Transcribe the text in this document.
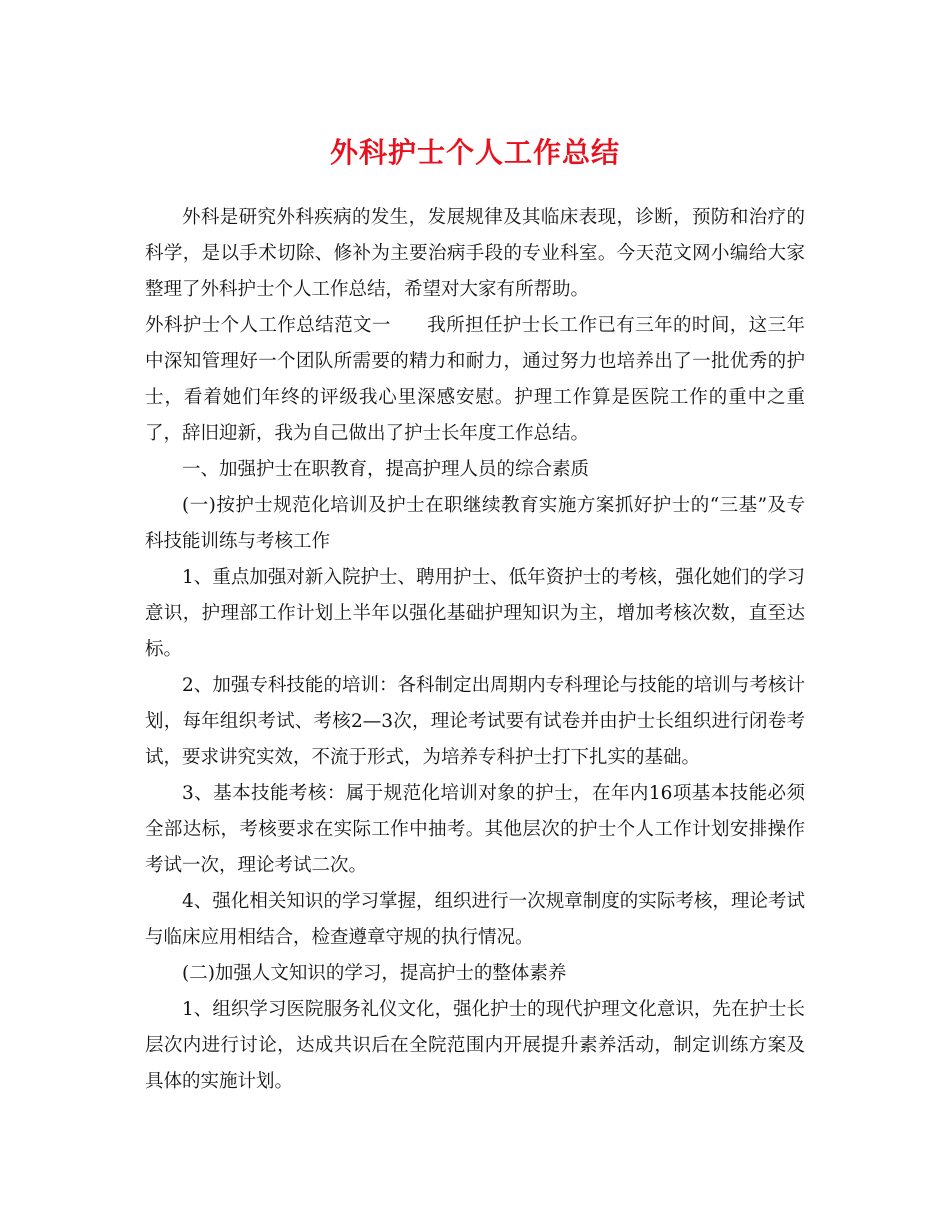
外科护士个人工作总结

外科是研究外科疾病的发生，发展规律及其临床表现，诊断，预防和治疗的科学，是以手术切除、修补为主要治病手段的专业科室。今天范文网小编给大家整理了外科护士个人工作总结，希望对大家有所帮助。

外科护士个人工作总结范文一 我所担任护士长工作已有三年的时间，这三年中深知管理好一个团队所需要的精力和耐力，通过努力也培养出了一批优秀的护士，看着她们年终的评级我心里深感安慰。护理工作算是医院工作的重中之重了，辞旧迎新，我为自己做出了护士长年度工作总结。

一、加强护士在职教育，提高护理人员的综合素质

(一)按护士规范化培训及护士在职继续教育实施方案抓好护士的“三基”及专科技能训练与考核工作

1、重点加强对新入院护士、聘用护士、低年资护士的考核，强化她们的学习意识，护理部工作计划上半年以强化基础护理知识为主，增加考核次数，直至达标。

2、加强专科技能的培训：各科制定出周期内专科理论与技能的培训与考核计划，每年组织考试、考核2—3次，理论考试要有试卷并由护士长组织进行闭卷考试，要求讲究实效，不流于形式，为培养专科护士打下扎实的基础。

3、基本技能考核：属于规范化培训对象的护士，在年内16项基本技能必须全部达标，考核要求在实际工作中抽考。其他层次的护士个人工作计划安排操作考试一次，理论考试二次。

4、强化相关知识的学习掌握，组织进行一次规章制度的实际考核，理论考试与临床应用相结合，检查遵章守规的执行情况。

(二)加强人文知识的学习，提高护士的整体素养

1、组织学习医院服务礼仪文化，强化护士的现代护理文化意识，先在护士长层次内进行讨论，达成共识后在全院范围内开展提升素养活动，制定训练方案及具体的实施计划。
